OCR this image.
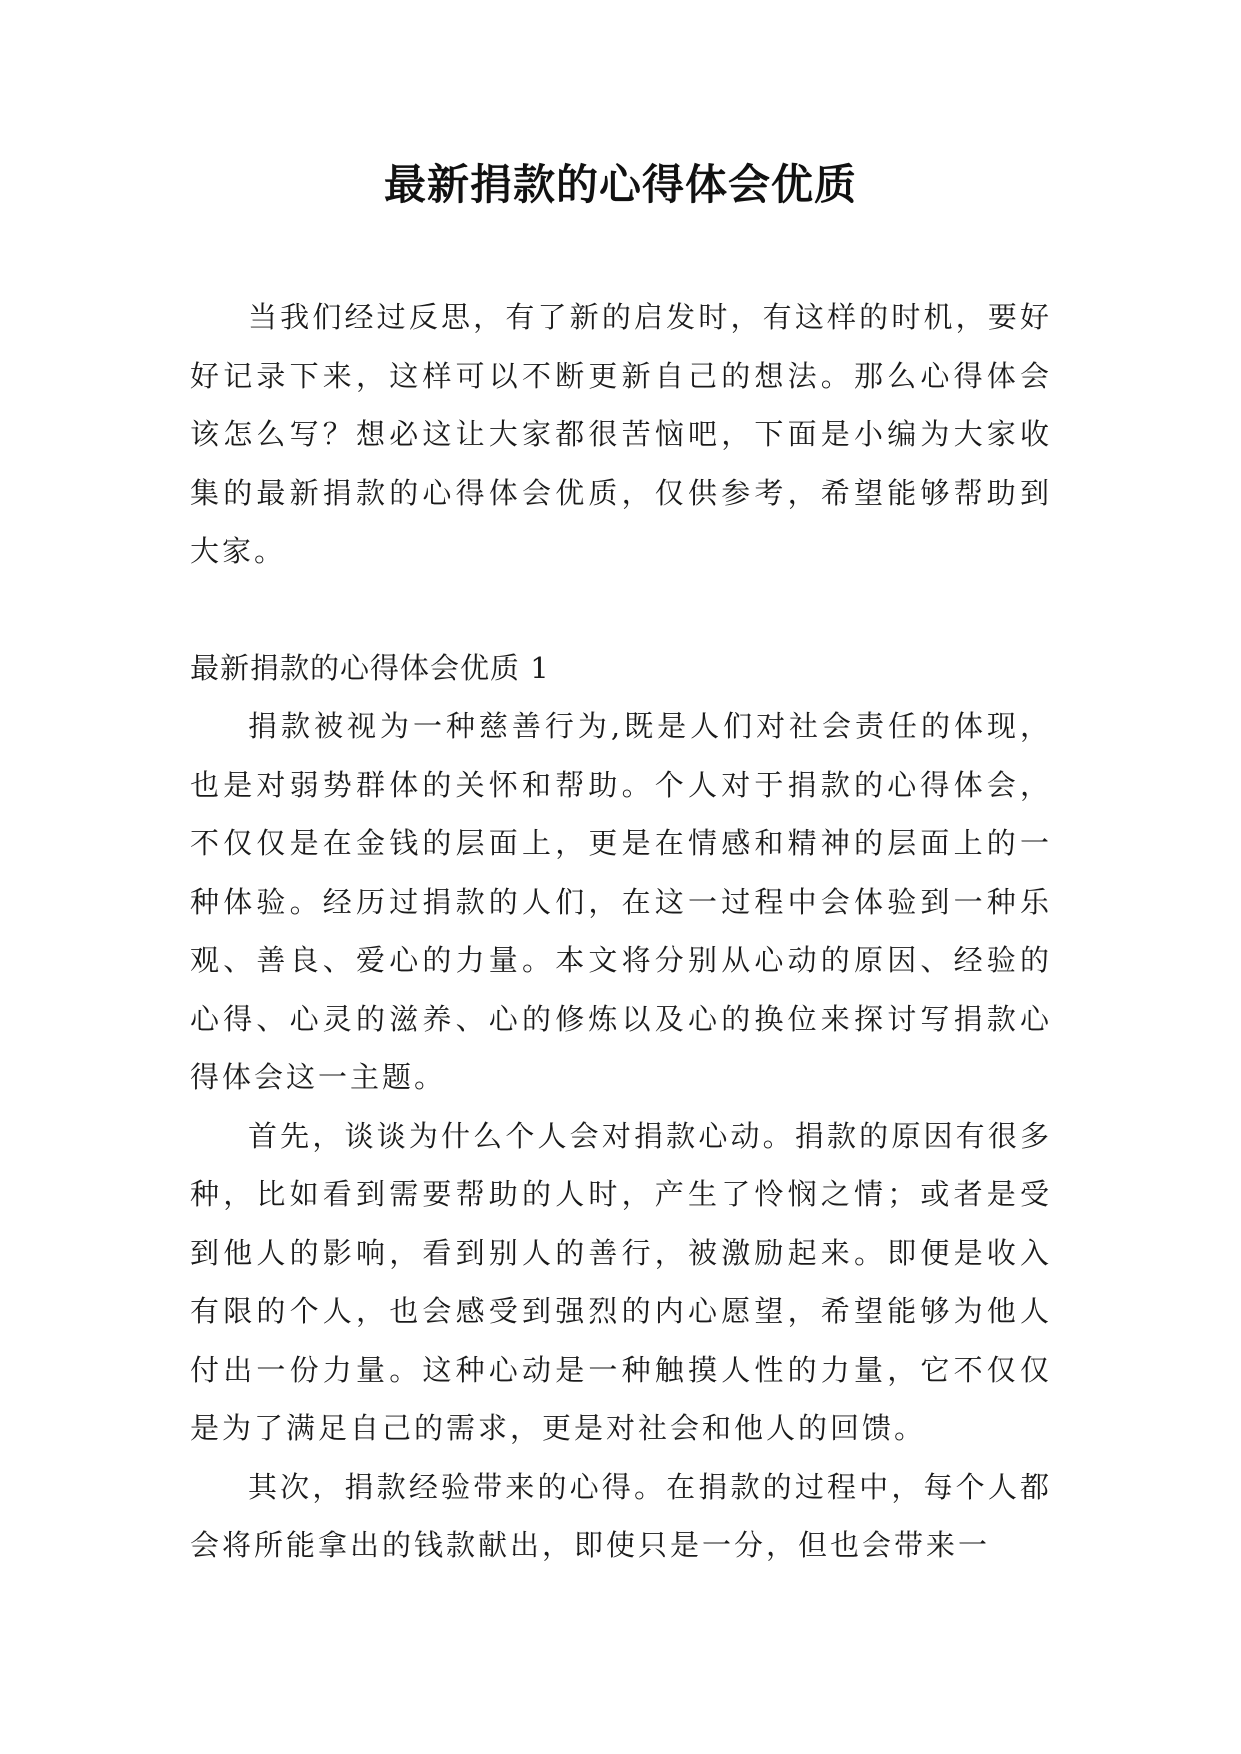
最新捐款的心得体会优质

当我们经过反思，有了新的启发时，有这样的时机，要好好记录下来，这样可以不断更新自己的想法。那么心得体会该怎么写？想必这让大家都很苦恼吧，下面是小编为大家收集的最新捐款的心得体会优质，仅供参考，希望能够帮助到大家。

最新捐款的心得体会优质 1

捐款被视为一种慈善行为,既是人们对社会责任的体现，也是对弱势群体的关怀和帮助。个人对于捐款的心得体会，不仅仅是在金钱的层面上，更是在情感和精神的层面上的一种体验。经历过捐款的人们，在这一过程中会体验到一种乐观、善良、爱心的力量。本文将分别从心动的原因、经验的心得、心灵的滋养、心的修炼以及心的换位来探讨写捐款心得体会这一主题。

首先，谈谈为什么个人会对捐款心动。捐款的原因有很多种，比如看到需要帮助的人时，产生了怜悯之情；或者是受到他人的影响，看到别人的善行，被激励起来。即便是收入有限的个人，也会感受到强烈的内心愿望，希望能够为他人付出一份力量。这种心动是一种触摸人性的力量，它不仅仅是为了满足自己的需求，更是对社会和他人的回馈。

其次，捐款经验带来的心得。在捐款的过程中，每个人都会将所能拿出的钱款献出，即使只是一分，但也会带来一
